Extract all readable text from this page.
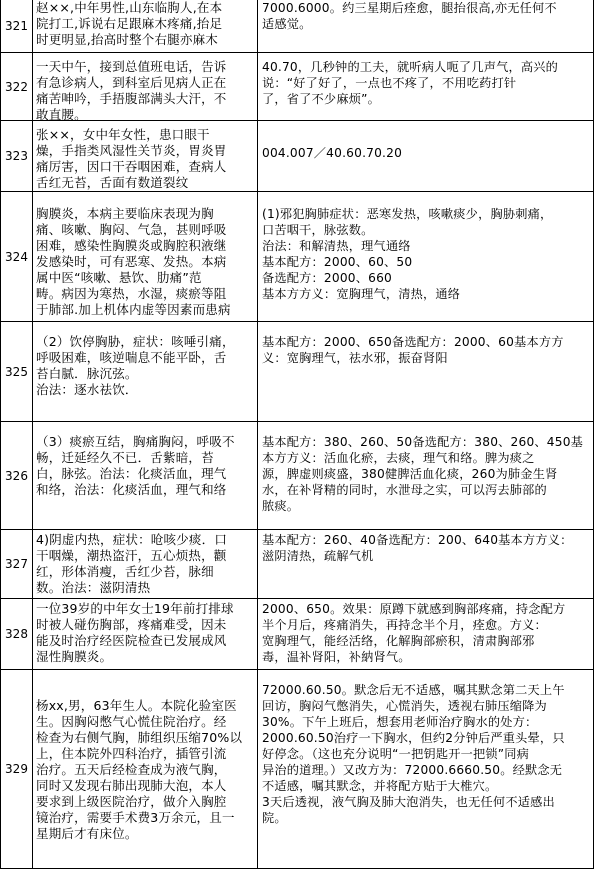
321
赵××,中年男性,山东临朐人,在本
院打工,诉说右足跟麻木疼痛,抬足
时更明显,抬高时整个右腿亦麻木
7000.6000。约三星期后痊愈，腿抬很高,亦无任何不
适感觉。
322
一天中午，接到总值班电话，告诉
有急诊病人，到科室后见病人正在
痛苦呻吟，手捂腹部满头大汗，不
敢直腰。
40.70，几秒钟的工夫，就听病人呃了几声气，高兴的
说：“好了好了，一点也不疼了，不用吃药打针
了，省了不少麻烦”。
323
张××，女中年女性，患口眼干
燥，手指类风湿性关节炎，胃炎胃
痛厉害，因口干吞咽困难，查病人
舌红无苔，舌面有数道裂纹
004.007／40.60.70.20
324
胸膜炎，本病主要临床表现为胸
痛、咳嗽、胸闷、气急，甚则呼吸
困难，感染性胸膜炎或胸腔积液继
发感染时，可有恶寒、发热。本病
属中医“咳嗽、悬饮、肋痛”范
畴。病因为寒热，水湿，痰瘀等阻
于肺部.加上机体内虚等因素而患病
(1)邪犯胸肺症状：恶寒发热，咳嗽痰少，胸胁刺痛，
口苦咽干，脉弦数。
治法：和解清热，理气通络
基本配方：2000、60、50
备选配方：2000、660
基本方方义：宽胸理气，清热，通络
325
（2）饮停胸胁，症状：咳唾引痛，
呼吸困难，咳逆喘息不能平卧，舌
苔白腻．脉沉弦。
治法：逐水祛饮．
基本配方：2000、650备选配方：2000、60基本方方
义：宽胸理气，祛水邪，振奋肾阳
326
（3）痰瘀互结，胸痛胸闷，呼吸不
畅，迁延经久不已．舌紫暗，苔
白，脉弦。治法：化痰活血，理气
和络，治法：化痰活血，理气和络
基本配方：380、260、50备选配方：380、260、450基
本方方义：活血化瘀，去痰，理气和络。脾为痰之
源，脾虚则痰盛，380健脾活血化痰，260为肺金生肾
水，在补肾精的同时，水泄母之实，可以泻去肺部的
脓痰。
327
4)阴虚内热，症状：呛咳少痰．口
干咽燥，潮热盗汗，五心烦热，颧
红，形体消瘦，舌红少苔，脉细
数。治法：滋阴清热
基本配方：260、40备选配方：200、640基本方方义：
滋阴清热，疏解气机
328
一位39岁的中年女士19年前打排球
时被人碰伤胸部，疼痛难受，因未
能及时治疗经医院检查已发展成风
湿性胸膜炎。
2000、650。效果：原蹲下就感到胸部疼痛，持念配方
半个月后，疼痛消失，再持念半个月，痊愈。方义：
宽胸理气，能经活络，化解胸部瘀积，清肃胸部邪
毒，温补肾阳，补納肾气。
329
杨xx,男，63年生人。本院化验室医
生。因胸闷憋气心慌住院治疗。经
检查为右侧气胸，肺组织压缩70%以
上，住本院外四科治疗，插管引流
治疗。五天后经检查成为液气胸，
同时又发现右肺出现肺大泡，本人
要求到上级医院治疗，做介入胸腔
镜治疗，需要手术费3万余元，且一
星期后才有床位。
72000.60.50。默念后无不适感，嘱其默念第二天上午
回访，胸闷气憋消失，心慌消失，透视右肺压缩降为
30%。下午上班后，想套用老师治疗胸水的处方：
2000.60.50治疗一下胸水，但约2分钟后严重头晕，只
好停念。（这也充分说明“一把钥匙开一把锁”同病
异治的道理。）又改方为：72000.6660.50。经默念无
不适感，嘱其默念，并将配方贴于大椎穴。
3天后透视，液气胸及肺大泡消失，也无任何不适感出
院。
